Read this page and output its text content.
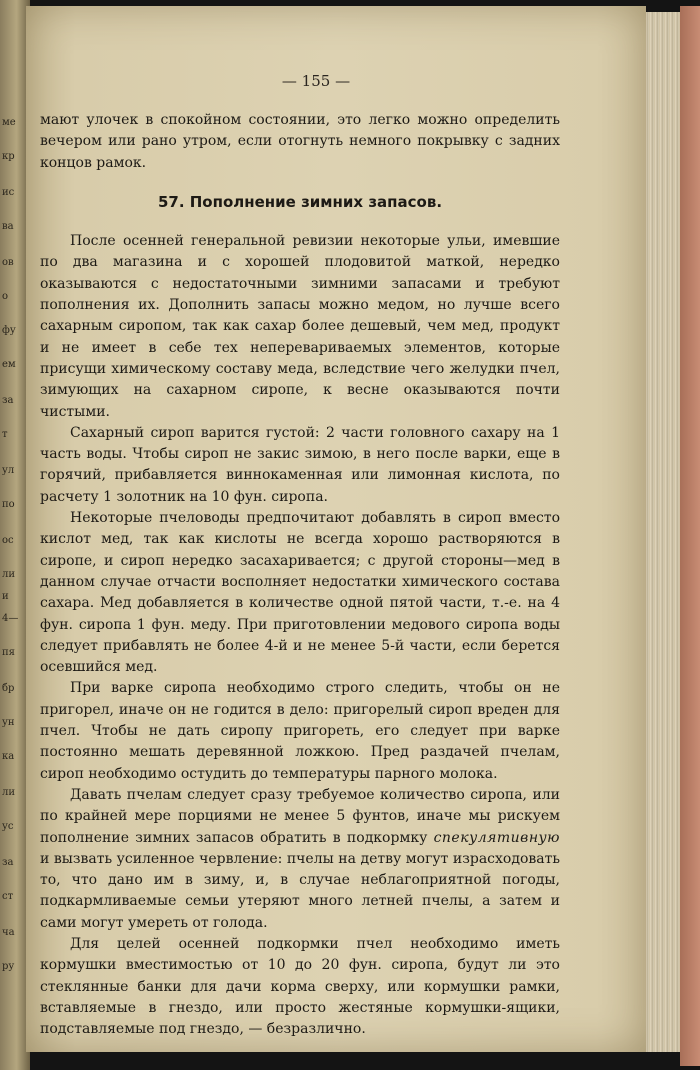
ме
кр
ис
ва
ов
о
фу
ем
за
т
ул
по
ос
ли
и
4—
пя
бр
ун
ка
ли
ус
за
ст
ча
ру
— 155 —

мают улочек в спокойном состоянии, это легко можно определить вечером или рано утром, если отогнуть немного покрывку с задних концов рамок.

57. Пополнение зимних запасов.

После осенней генеральной ревизии некоторые ульи, имевшие по два магазина и с хорошей плодовитой маткой, нередко оказываются с недостаточными зимними запасами и требуют пополнения их. Дополнить запасы можно медом, но лучше всего сахарным сиропом, так как сахар более дешевый, чем мед, продукт и не имеет в себе тех неперевариваемых элементов, которые присущи химическому составу меда, вследствие чего желудки пчел, зимующих на сахарном сиропе, к весне оказываются почти чистыми.

Сахарный сироп варится густой: 2 части головного сахару на 1 часть воды. Чтобы сироп не закис зимою, в него после варки, еще в горячий, прибавляется виннокаменная или лимонная кислота, по расчету 1 золотник на 10 фун. сиропа.

Некоторые пчеловоды предпочитают добавлять в сироп вместо кислот мед, так как кислоты не всегда хорошо растворяются в сиропе, и сироп нередко засахаривается; с другой стороны—мед в данном случае отчасти восполняет недостатки химического состава сахара. Мед добавляется в количестве одной пятой части, т.-е. на 4 фун. сиропа 1 фун. меду. При приготовлении медового сиропа воды следует прибавлять не более 4-й и не менее 5-й части, если берется осевшийся мед.

При варке сиропа необходимо строго следить, чтобы он не пригорел, иначе он не годится в дело: пригорелый сироп вреден для пчел. Чтобы не дать сиропу пригореть, его следует при варке постоянно мешать деревянной ложкою. Пред раздачей пчелам, сироп необходимо остудить до температуры парного молока.

Давать пчелам следует сразу требуемое количество сиропа, или по крайней мере порциями не менее 5 фунтов, иначе мы рискуем пополнение зимних запасов обратить в подкормку спекулятивную и вызвать усиленное червление: пчелы на детву могут израсходовать то, что дано им в зиму, и, в случае неблагоприятной погоды, подкармливаемые семьи утеряют много летней пчелы, а затем и сами могут умереть от голода.

Для целей осенней подкормки пчел необходимо иметь кормушки вместимостью от 10 до 20 фун. сиропа, будут ли это стеклянные банки для дачи корма сверху, или кормушки рамки, вставляемые в гнездо, или просто жестяные кормушки-ящики, подставляемые под гнездо, — безразлично.
